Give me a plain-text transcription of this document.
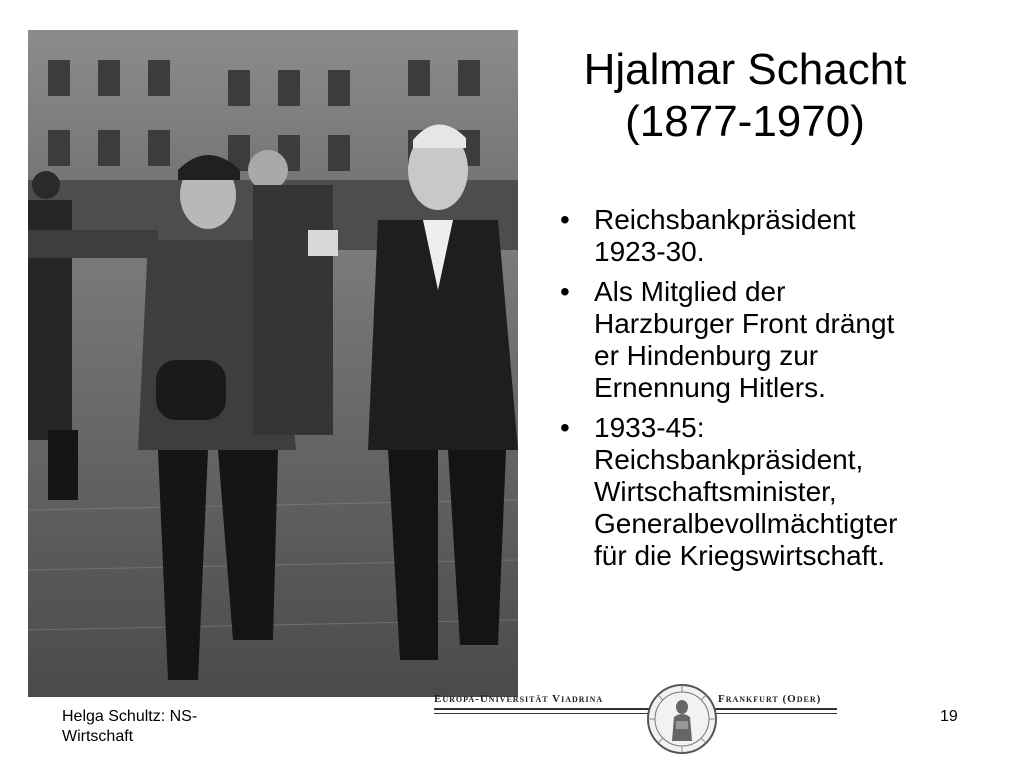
Hjalmar Schacht
(1877-1970)
• Reichsbankpräsident
1923-30.
• Als Mitglied der
Harzburger Front drängt
er Hindenburg zur
Ernennung Hitlers.
• 1933-45:
Reichsbankpräsident,
Wirtschaftsminister,
Generalbevollmächtigter
für die Kriegswirtschaft.
Helga Schultz: NS-
Wirtschaft
Europa-Universität Viadrina	Frankfurt (Oder)
19
